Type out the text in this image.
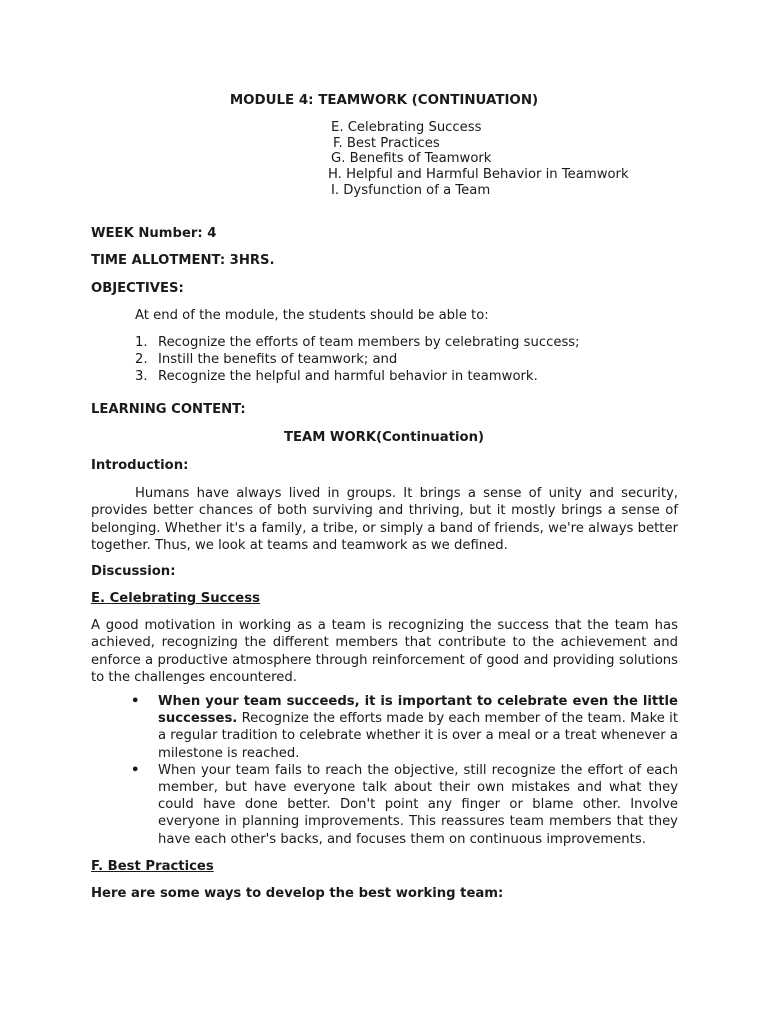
MODULE 4: TEAMWORK (CONTINUATION)
E. Celebrating Success
F. Best Practices
G. Benefits of Teamwork
H. Helpful and Harmful Behavior in Teamwork
I. Dysfunction of a Team
WEEK Number: 4
TIME ALLOTMENT: 3HRS.
OBJECTIVES:
At end of the module, the students should be able to:
1. Recognize the efforts of team members by celebrating success;
2. Instill the benefits of teamwork; and
3. Recognize the helpful and harmful behavior in teamwork.
LEARNING CONTENT:
TEAM WORK(Continuation)
Introduction:
Humans have always lived in groups. It brings a sense of unity and security, provides better chances of both surviving and thriving, but it mostly brings a sense of belonging. Whether it's a family, a tribe, or simply a band of friends, we're always better together. Thus, we look at teams and teamwork as we defined.
Discussion:
E. Celebrating Success
A good motivation in working as a team is recognizing the success that the team has achieved, recognizing the different members that contribute to the achievement and enforce a productive atmosphere through reinforcement of good and providing solutions to the challenges encountered.
•	When your team succeeds, it is important to celebrate even the little successes. Recognize the efforts made by each member of the team. Make it a regular tradition to celebrate whether it is over a meal or a treat whenever a milestone is reached.
•	When your team fails to reach the objective, still recognize the effort of each member, but have everyone talk about their own mistakes and what they could have done better. Don't point any finger or blame other. Involve everyone in planning improvements. This reassures team members that they have each other's backs, and focuses them on continuous improvements.
F. Best Practices
Here are some ways to develop the best working team:
